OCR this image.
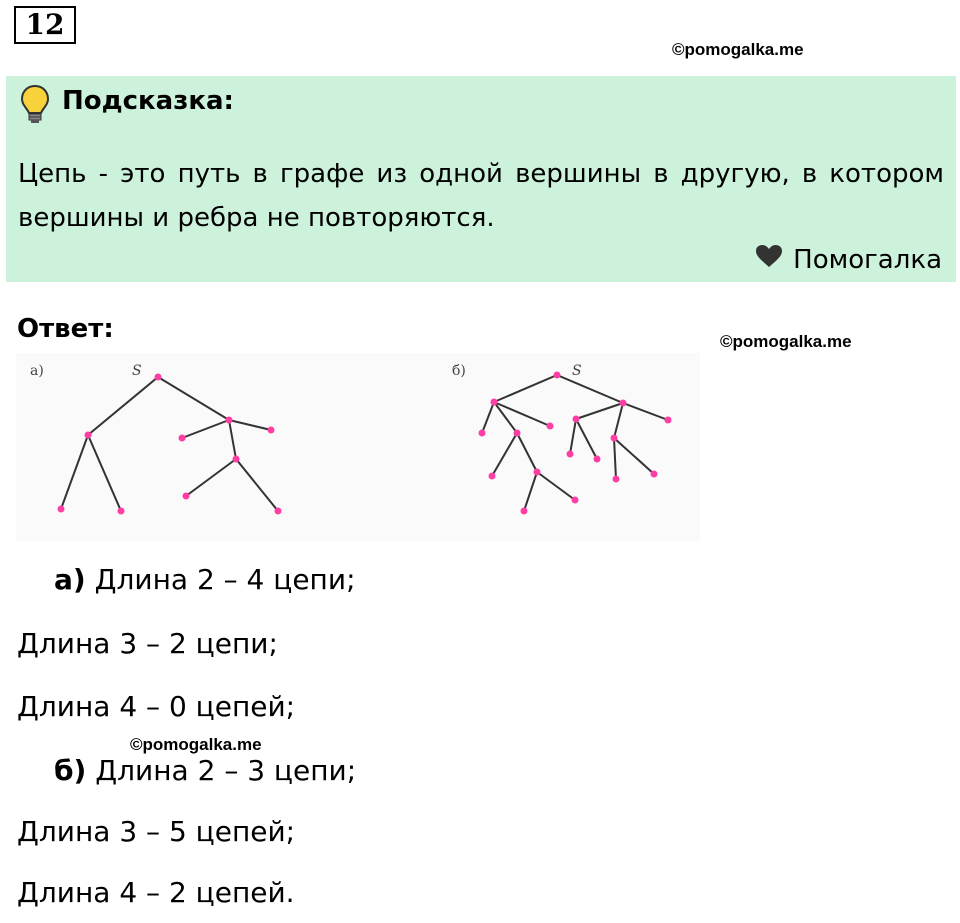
12
©pomogalka.me
Подсказка:
Цепь - это путь в графе из одной вершины в другую, в котором вершины и ребра не повторяются.
Помогалка
Ответ:	©pomogalka.me
а)	S	б)	S
а) Длина 2 – 4 цепи;
Длина 3 – 2 цепи;
Длина 4 – 0 цепей;
©pomogalka.me
б) Длина 2 – 3 цепи;
Длина 3 – 5 цепей;
Длина 4 – 2 цепей.
